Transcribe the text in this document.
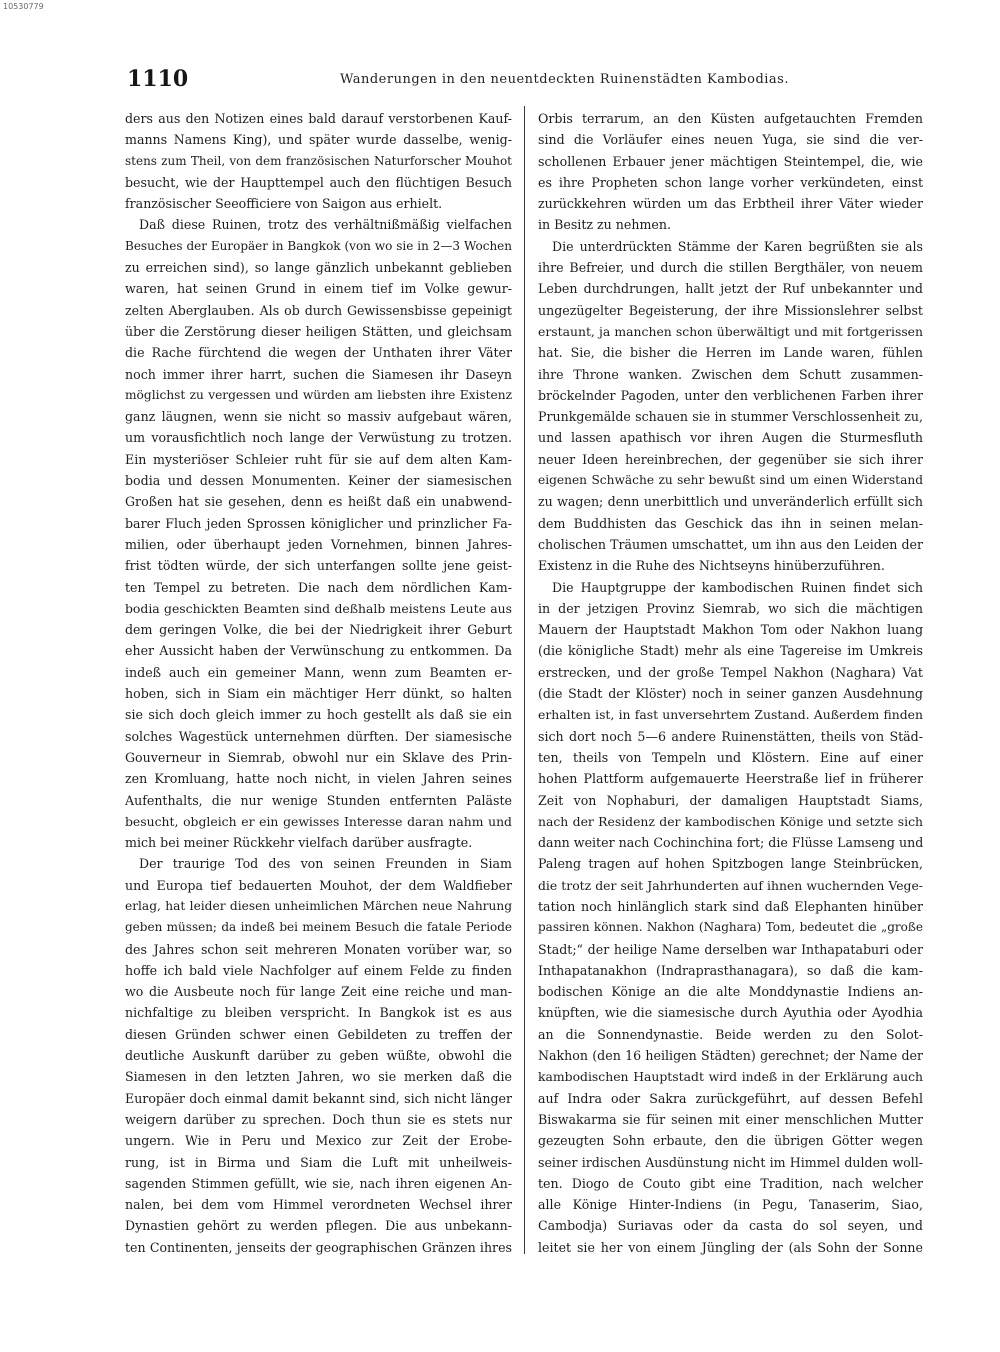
10530779
1110	Wanderungen in den neuentdeckten Ruinenstädten Kambodias.
ders aus den Notizen eines bald darauf verstorbenen Kauf-
manns Namens King), und später wurde dasselbe, wenig-
stens zum Theil, von dem französischen Naturforscher Mouhot
besucht, wie der Haupttempel auch den flüchtigen Besuch
französischer Seeofficiere von Saigon aus erhielt.
Daß diese Ruinen, trotz des verhältnißmäßig vielfachen
Besuches der Europäer in Bangkok (von wo sie in 2—3 Wochen
zu erreichen sind), so lange gänzlich unbekannt geblieben
waren, hat seinen Grund in einem tief im Volke gewur-
zelten Aberglauben. Als ob durch Gewissensbisse gepeinigt
über die Zerstörung dieser heiligen Stätten, und gleichsam
die Rache fürchtend die wegen der Unthaten ihrer Väter
noch immer ihrer harrt, suchen die Siamesen ihr Daseyn
möglichst zu vergessen und würden am liebsten ihre Existenz
ganz läugnen, wenn sie nicht so massiv aufgebaut wären,
um vorausfichtlich noch lange der Verwüstung zu trotzen.
Ein mysteriöser Schleier ruht für sie auf dem alten Kam-
bodia und dessen Monumenten. Keiner der siamesischen
Großen hat sie gesehen, denn es heißt daß ein unabwend-
barer Fluch jeden Sprossen königlicher und prinzlicher Fa-
milien, oder überhaupt jeden Vornehmen, binnen Jahres-
frist tödten würde, der sich unterfangen sollte jene geist-
ten Tempel zu betreten. Die nach dem nördlichen Kam-
bodia geschickten Beamten sind deßhalb meistens Leute aus
dem geringen Volke, die bei der Niedrigkeit ihrer Geburt
eher Aussicht haben der Verwünschung zu entkommen. Da
indeß auch ein gemeiner Mann, wenn zum Beamten er-
hoben, sich in Siam ein mächtiger Herr dünkt, so halten
sie sich doch gleich immer zu hoch gestellt als daß sie ein
solches Wagestück unternehmen dürften. Der siamesische
Gouverneur in Siemrab, obwohl nur ein Sklave des Prin-
zen Kromluang, hatte noch nicht, in vielen Jahren seines
Aufenthalts, die nur wenige Stunden entfernten Paläste
besucht, obgleich er ein gewisses Interesse daran nahm und
mich bei meiner Rückkehr vielfach darüber ausfragte.
Der traurige Tod des von seinen Freunden in Siam
und Europa tief bedauerten Mouhot, der dem Waldfieber
erlag, hat leider diesen unheimlichen Märchen neue Nahrung
geben müssen; da indeß bei meinem Besuch die fatale Periode
des Jahres schon seit mehreren Monaten vorüber war, so
hoffe ich bald viele Nachfolger auf einem Felde zu finden
wo die Ausbeute noch für lange Zeit eine reiche und man-
nichfaltige zu bleiben verspricht. In Bangkok ist es aus
diesen Gründen schwer einen Gebildeten zu treffen der
deutliche Auskunft darüber zu geben wüßte, obwohl die
Siamesen in den letzten Jahren, wo sie merken daß die
Europäer doch einmal damit bekannt sind, sich nicht länger
weigern darüber zu sprechen. Doch thun sie es stets nur
ungern. Wie in Peru und Mexico zur Zeit der Erobe-
rung, ist in Birma und Siam die Luft mit unheilweis-
sagenden Stimmen gefüllt, wie sie, nach ihren eigenen An-
nalen, bei dem vom Himmel verordneten Wechsel ihrer
Dynastien gehört zu werden pflegen. Die aus unbekann-
ten Continenten, jenseits der geographischen Gränzen ihres
Orbis terrarum, an den Küsten aufgetauchten Fremden
sind die Vorläufer eines neuen Yuga, sie sind die ver-
schollenen Erbauer jener mächtigen Steintempel, die, wie
es ihre Propheten schon lange vorher verkündeten, einst
zurückkehren würden um das Erbtheil ihrer Väter wieder
in Besitz zu nehmen.
Die unterdrückten Stämme der Karen begrüßten sie als
ihre Befreier, und durch die stillen Bergthäler, von neuem
Leben durchdrungen, hallt jetzt der Ruf unbekannter und
ungezügelter Begeisterung, der ihre Missionslehrer selbst
erstaunt, ja manchen schon überwältigt und mit fortgerissen
hat. Sie, die bisher die Herren im Lande waren, fühlen
ihre Throne wanken. Zwischen dem Schutt zusammen-
bröckelnder Pagoden, unter den verblichenen Farben ihrer
Prunkgemälde schauen sie in stummer Verschlossenheit zu,
und lassen apathisch vor ihren Augen die Sturmesfluth
neuer Ideen hereinbrechen, der gegenüber sie sich ihrer
eigenen Schwäche zu sehr bewußt sind um einen Widerstand
zu wagen; denn unerbittlich und unveränderlich erfüllt sich
dem Buddhisten das Geschick das ihn in seinen melan-
cholischen Träumen umschattet, um ihn aus den Leiden der
Existenz in die Ruhe des Nichtseyns hinüberzuführen.
Die Hauptgruppe der kambodischen Ruinen findet sich
in der jetzigen Provinz Siemrab, wo sich die mächtigen
Mauern der Hauptstadt Makhon Tom oder Nakhon luang
(die königliche Stadt) mehr als eine Tagereise im Umkreis
erstrecken, und der große Tempel Nakhon (Naghara) Vat
(die Stadt der Klöster) noch in seiner ganzen Ausdehnung
erhalten ist, in fast unversehrtem Zustand. Außerdem finden
sich dort noch 5—6 andere Ruinenstätten, theils von Städ-
ten, theils von Tempeln und Klöstern. Eine auf einer
hohen Plattform aufgemauerte Heerstraße lief in früherer
Zeit von Nophaburi, der damaligen Hauptstadt Siams,
nach der Residenz der kambodischen Könige und setzte sich
dann weiter nach Cochinchina fort; die Flüsse Lamseng und
Paleng tragen auf hohen Spitzbogen lange Steinbrücken,
die trotz der seit Jahrhunderten auf ihnen wuchernden Vege-
tation noch hinlänglich stark sind daß Elephanten hinüber
passiren können. Nakhon (Naghara) Tom, bedeutet die „große
Stadt;“ der heilige Name derselben war Inthapataburi oder
Inthapatanakhon (Indraprasthanagara), so daß die kam-
bodischen Könige an die alte Monddynastie Indiens an-
knüpften, wie die siamesische durch Ayuthia oder Ayodhia
an die Sonnendynastie. Beide werden zu den Solot-
Nakhon (den 16 heiligen Städten) gerechnet; der Name der
kambodischen Hauptstadt wird indeß in der Erklärung auch
auf Indra oder Sakra zurückgeführt, auf dessen Befehl
Biswakarma sie für seinen mit einer menschlichen Mutter
gezeugten Sohn erbaute, den die übrigen Götter wegen
seiner irdischen Ausdünstung nicht im Himmel dulden woll-
ten. Diogo de Couto gibt eine Tradition, nach welcher
alle Könige Hinter-Indiens (in Pegu, Tanaserim, Siao,
Cambodja) Suriavas oder da casta do sol seyen, und
leitet sie her von einem Jüngling der (als Sohn der Sonne
